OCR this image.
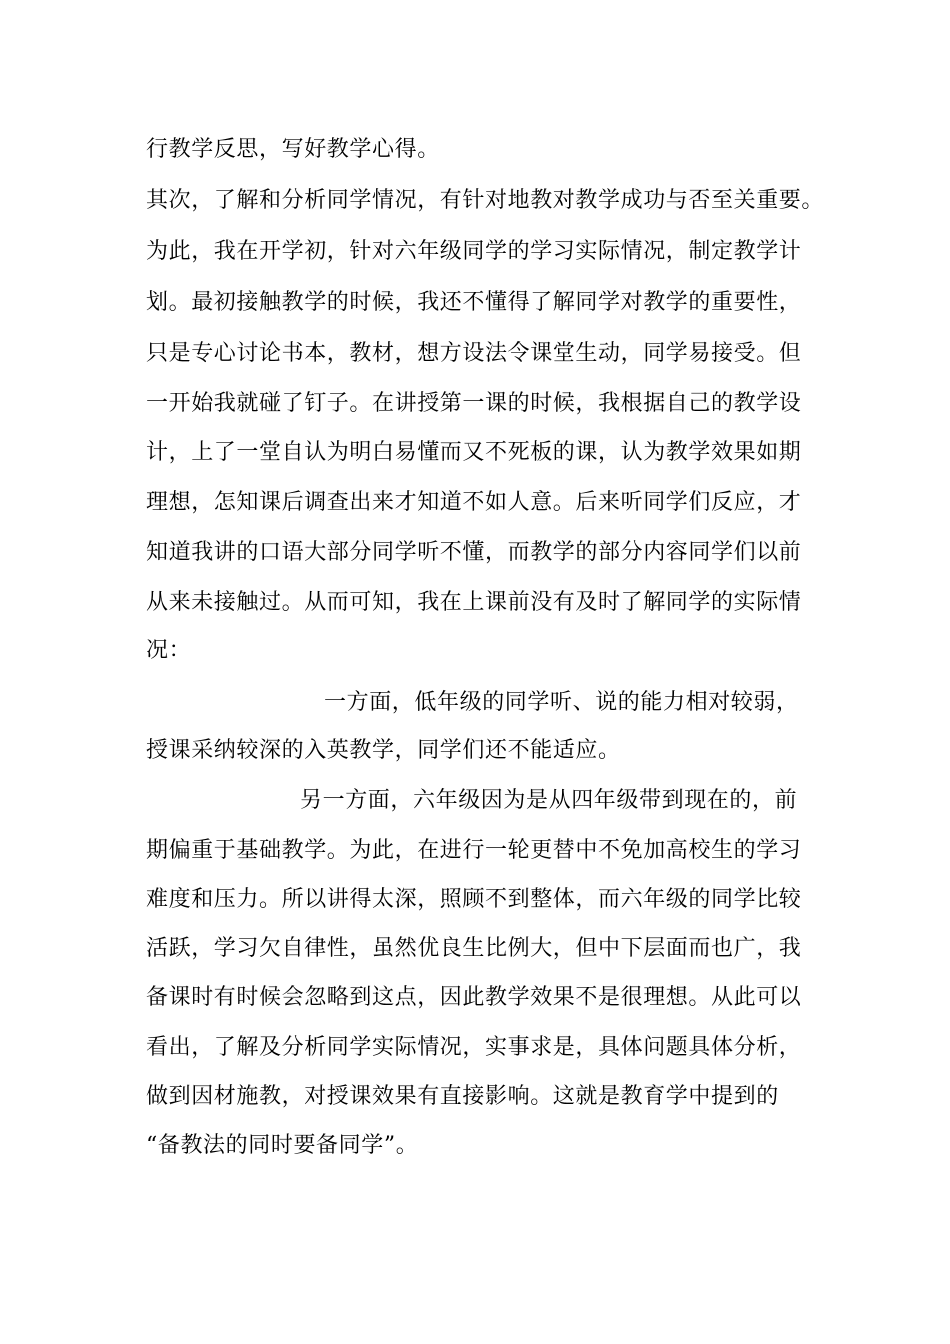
行教学反思，写好教学心得。
其次，了解和分析同学情况，有针对地教对教学成功与否至关重要。
为此，我在开学初，针对六年级同学的学习实际情况，制定教学计
划。最初接触教学的时候，我还不懂得了解同学对教学的重要性，
只是专心讨论书本，教材，想方设法令课堂生动，同学易接受。但
一开始我就碰了钉子。在讲授第一课的时候，我根据自己的教学设
计，上了一堂自认为明白易懂而又不死板的课，认为教学效果如期
理想，怎知课后调查出来才知道不如人意。后来听同学们反应，才
知道我讲的口语大部分同学听不懂，而教学的部分内容同学们以前
从来未接触过。从而可知，我在上课前没有及时了解同学的实际情
况：
一方面，低年级的同学听、说的能力相对较弱，
授课采纳较深的入英教学，同学们还不能适应。
另一方面，六年级因为是从四年级带到现在的，前
期偏重于基础教学。为此，在进行一轮更替中不免加高校生的学习
难度和压力。所以讲得太深，照顾不到整体，而六年级的同学比较
活跃，学习欠自律性，虽然优良生比例大，但中下层面而也广，我
备课时有时候会忽略到这点，因此教学效果不是很理想。从此可以
看出，了解及分析同学实际情况，实事求是，具体问题具体分析，
做到因材施教，对授课效果有直接影响。这就是教育学中提到的
“备教法的同时要备同学”。
